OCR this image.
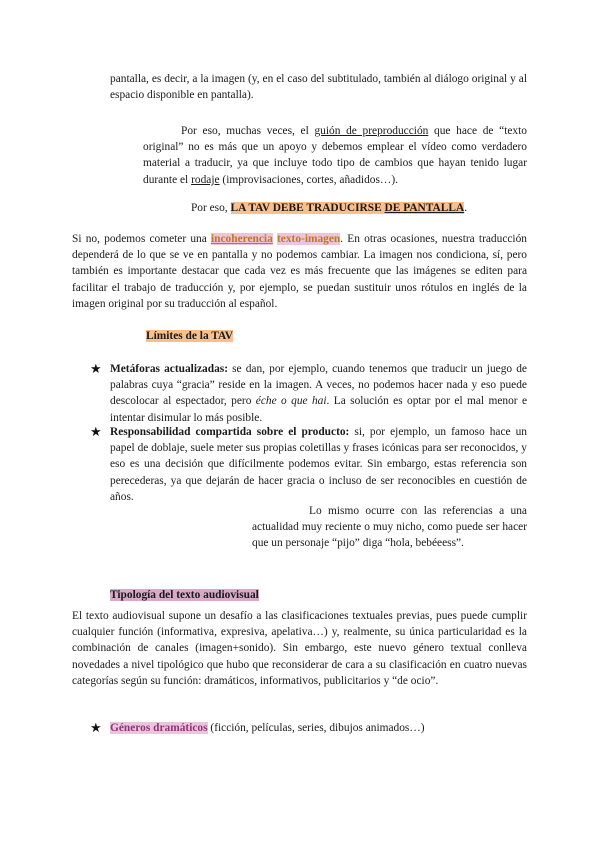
pantalla, es decir, a la imagen (y, en el caso del subtitulado, también al diálogo original y al espacio disponible en pantalla).
Por eso, muchas veces, el guión de preproducción que hace de “texto original” no es más que un apoyo y debemos emplear el vídeo como verdadero material a traducir, ya que incluye todo tipo de cambios que hayan tenido lugar durante el rodaje (improvisaciones, cortes, añadidos…).
Por eso, LA TAV DEBE TRADUCIRSE DE PANTALLA.
Si no, podemos cometer una incoherencia texto-imagen. En otras ocasiones, nuestra traducción dependerá de lo que se ve en pantalla y no podemos cambiar. La imagen nos condiciona, sí, pero también es importante destacar que cada vez es más frecuente que las imágenes se editen para facilitar el trabajo de traducción y, por ejemplo, se puedan sustituir unos rótulos en inglés de la imagen original por su traducción al español.
Límites de la TAV
★ Metáforas actualizadas: se dan, por ejemplo, cuando tenemos que traducir un juego de palabras cuya “gracia” reside en la imagen. A veces, no podemos hacer nada y eso puede descolocar al espectador, pero éche o que hai. La solución es optar por el mal menor e intentar disimular lo más posible.
★ Responsabilidad compartida sobre el producto: si, por ejemplo, un famoso hace un papel de doblaje, suele meter sus propias coletillas y frases icónicas para ser reconocidos, y eso es una decisión que difícilmente podemos evitar. Sin embargo, estas referencia son perecederas, ya que dejarán de hacer gracia o incluso de ser reconocibles en cuestión de años.
Lo mismo ocurre con las referencias a una actualidad muy reciente o muy nicho, como puede ser hacer que un personaje “pijo” diga “hola, bebéeess”.
Tipología del texto audiovisual
El texto audiovisual supone un desafío a las clasificaciones textuales previas, pues puede cumplir cualquier función (informativa, expresiva, apelativa…) y, realmente, su única particularidad es la combinación de canales (imagen+sonido). Sin embargo, este nuevo género textual conlleva novedades a nivel tipológico que hubo que reconsiderar de cara a su clasificación en cuatro nuevas categorías según su función: dramáticos, informativos, publicitarios y “de ocio”.
★ Géneros dramáticos (ficción, películas, series, dibujos animados…)
